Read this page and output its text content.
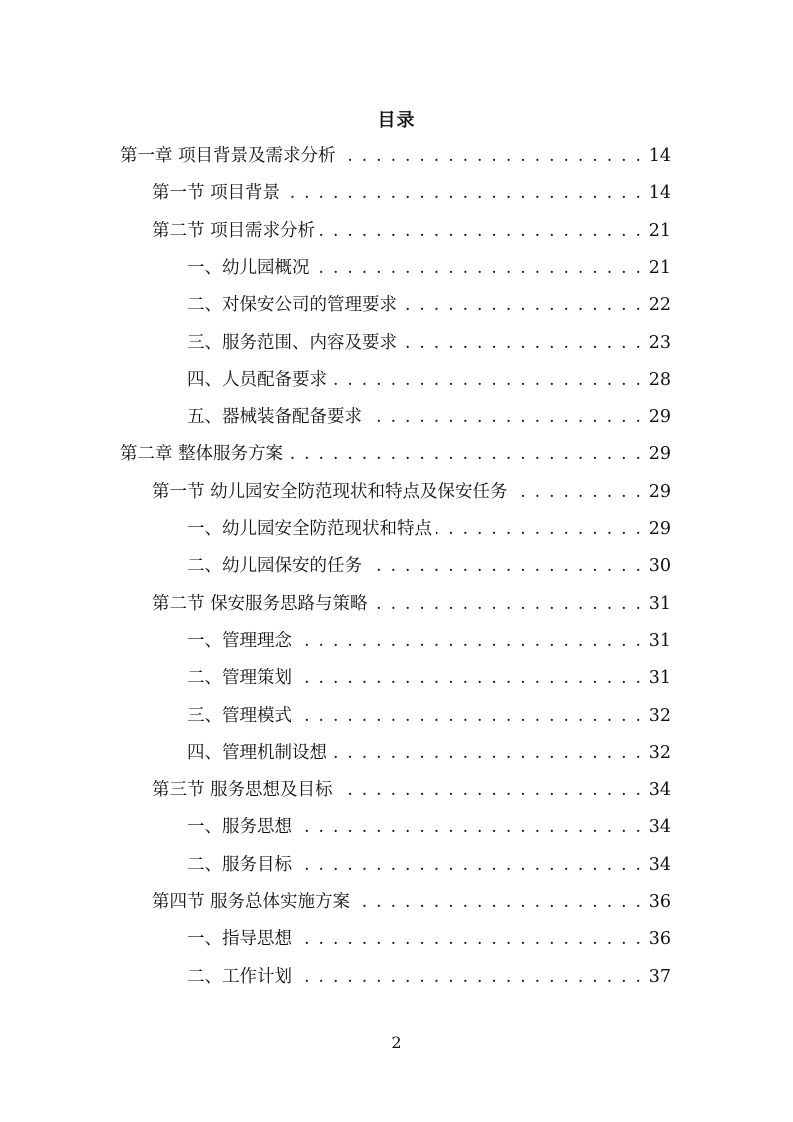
目录
第一章 项目背景及需求分析 . . .	14
第一节 项目背景 . . .	14
第二节 项目需求分析 . . .	21
一、幼儿园概况 . . .	21
二、对保安公司的管理要求 . . .	22
三、服务范围、内容及要求 . . .	23
四、人员配备要求 . . .	28
五、器械装备配备要求 . . .	29
第二章 整体服务方案 . . .	29
第一节 幼儿园安全防范现状和特点及保安任务 . . .	29
一、幼儿园安全防范现状和特点 . . .	29
二、幼儿园保安的任务 . . .	30
第二节 保安服务思路与策略 . . .	31
一、管理理念 . . .	31
二、管理策划 . . .	31
三、管理模式 . . .	32
四、管理机制设想 . . .	32
第三节 服务思想及目标 . . .	34
一、服务思想 . . .	34
二、服务目标 . . .	34
第四节 服务总体实施方案 . . .	36
一、指导思想 . . .	36
二、工作计划 . . .	37
2
